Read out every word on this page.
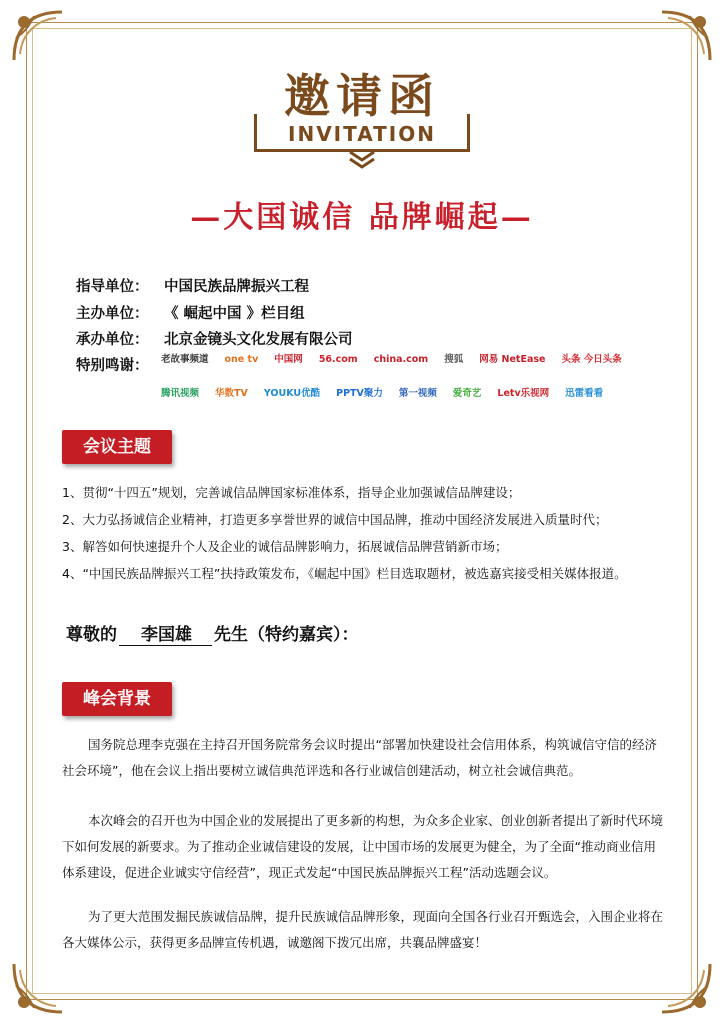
邀请函
INVITATION
—大国诚信 品牌崛起—
指导单位： 中国民族品牌振兴工程
主办单位： 《 崛起中国 》栏目组
承办单位： 北京金镜头文化发展有限公司
特别鸣谢：	老故事频道	one tv	中国网	56.com	china.com	搜狐	网易 NetEase	头条 今日头条
腾讯视频	华数TV	YOUKU优酷	PPTV聚力	第一视频	爱奇艺	Letv乐视网	迅雷看看
会议主题
1、贯彻“十四五”规划，完善诚信品牌国家标准体系，指导企业加强诚信品牌建设；
2、大力弘扬诚信企业精神，打造更多享誉世界的诚信中国品牌，推动中国经济发展进入质量时代；
3、解答如何快速提升个人及企业的诚信品牌影响力，拓展诚信品牌营销新市场；
4、“中国民族品牌振兴工程”扶持政策发布，《崛起中国》栏目选取题材，被选嘉宾接受相关媒体报道。
尊敬的 李国雄 先生（特约嘉宾）：
峰会背景

国务院总理李克强在主持召开国务院常务会议时提出“部署加快建设社会信用体系，构筑诚信守信的经济社会环境”，他在会议上指出要树立诚信典范评选和各行业诚信创建活动，树立社会诚信典范。

本次峰会的召开也为中国企业的发展提出了更多新的构想，为众多企业家、创业创新者提出了新时代环境下如何发展的新要求。为了推动企业诚信建设的发展，让中国市场的发展更为健全，为了全面“推动商业信用体系建设，促进企业诚实守信经营”，现正式发起“中国民族品牌振兴工程”活动选题会议。

为了更大范围发掘民族诚信品牌，提升民族诚信品牌形象，现面向全国各行业召开甄选会，入围企业将在各大媒体公示，获得更多品牌宣传机遇，诚邀阁下拨冗出席，共襄品牌盛宴！
